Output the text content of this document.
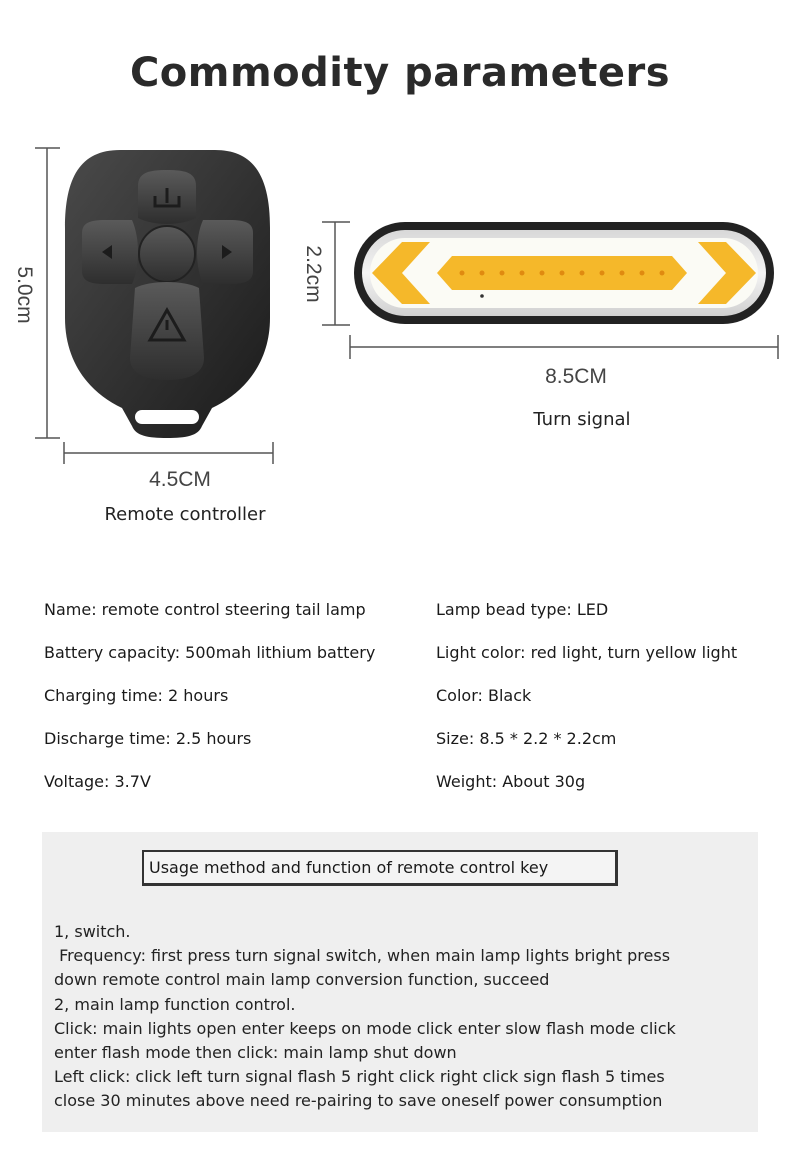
Commodity parameters
5.0cm
4.5CM
Remote controller
2.2cm
8.5CM
Turn signal
Name: remote control steering tail lamp
Battery capacity: 500mah lithium battery
Charging time: 2 hours
Discharge time: 2.5 hours
Voltage: 3.7V
Lamp bead type: LED
Light color: red light, turn yellow light
Color: Black
Size: 8.5 * 2.2 * 2.2cm
Weight: About 30g
Usage method and function of remote control key
1, switch.
Frequency: first press turn signal switch, when main lamp lights bright press
down remote control main lamp conversion function, succeed
2, main lamp function control.
Click: main lights open enter keeps on mode click enter slow flash mode click
enter flash mode then click: main lamp shut down
Left click: click left turn signal flash 5 right click right click sign flash 5 times
close 30 minutes above need re-pairing to save oneself power consumption
